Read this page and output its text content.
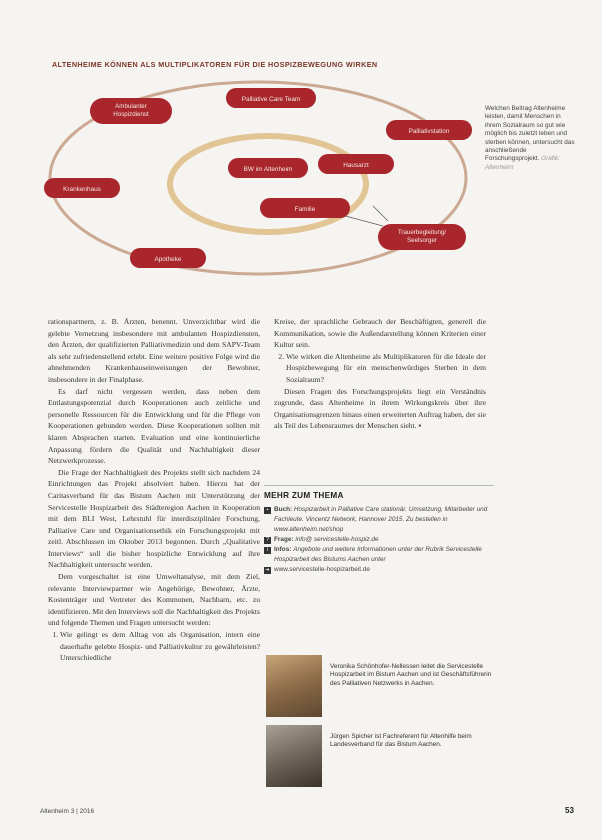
ALTENHEIME KÖNNEN ALS MULTIPLIKATOREN FÜR DIE HOSPIZBEWEGUNG WIRKEN
Ambulanter Hospizdienst
Palliative Care Team
Palliativstation
Krankenhaus
BW im Altenheim
Hausarzt
Familie
Trauerbegleitung/ Seelsorger
Apotheke
Welchen Beitrag Altenheime leisten, damit Menschen in ihrem Sozialraum so gut wie möglich bis zuletzt leben und sterben können, untersucht das anschließende Forschungsprojekt. Grafik: Altenheim

rationspartnern, z. B. Ärzten, benennt. Unverzichtbar wird die gelebte Vernetzung insbesondere mit ambulanten Hospizdiensten, den Ärzten, der qualifizierten Palliativmedizin und dem SAPV-Team als sehr zufriedenstellend erlebt. Eine weitere positive Folge wird die abnehmenden Krankenhauseinweisungen der Bewohner, insbesondere in der Finalphase.

Es darf nicht vergessen werden, dass neben dem Entlastungspotenzial durch Kooperationen auch zeitliche und personelle Ressourcen für die Entwicklung und für die Pflege von Kooperationen gebunden werden. Diese Kooperationen sollten mit klaren Absprachen starten. Evaluation und eine kontinuierliche Anpassung fördern die Qualität und Nachhaltigkeit dieser Netzwerkprozesse.

Die Frage der Nachhaltigkeit des Projekts stellt sich nachdem 24 Einrichtungen das Projekt absolviert haben. Hierzu hat der Caritasverband für das Bistum Aachen mit Unterstützung der Servicestelle Hospizarbeit des Städteregion Aachen in Kooperation mit dem BLI West, Lehrstuhl für interdisziplinäre Forschung, Palliative Care und Organisationsethik ein Forschungsprojekt mit zeitl. Abschlussen im Oktober 2013 begonnen. Durch „Qualitative Interviews“ soll die bisher hospizliche Entwicklung auf ihre Nachhaltigkeit untersucht werden.

Dem vorgeschaltet ist eine Umweltanalyse, mit dem Ziel, relevante Interviewpartner wie Angehörige, Bewohner, Ärzte, Kostenträger und Vertreter des Kommunen, Nachbarn, etc. zu identifizieren. Mit den Interviews soll die Nachhaltigkeit des Projekts und folgende Themen und Fragen untersucht werden:

1. Wie gelingt es dem Alltag von als Organisation, intern eine dauerhafte gelebte Hospiz- und Palliativkultur zu gewährleisten? Unterschiedliche

Kreise, der sprachliche Gebrauch der Beschäftigten, generell die Kommunikation, sowie die Außendarstellung können Kriterien einer Kultur sein.

2. Wie wirken die Altenheime als Multiplikatoren für die Ideale der Hospizbewegung für ein menschenwürdiges Sterben in dem Sozialraum?

Diesen Fragen des Forschungsprojekts liegt ein Verständnis zugrunde, dass Altenheime in ihrem Wirkungskreis über ihre Organisationsgrenzen hinaus einen erweiterten Auftrag haben, der sie als Teil des Lebensraumes der Menschen sieht. ▪

MEHR ZUM THEMA

▪ Buch: Hospizarbeit in Palliative Care stationär. Umsetzung, Mitarbeiter und Fachleute. Vincentz Network, Hannover 2015. Zu bestellen in www.altenheim.net/shop

? Frage: info@ servicestelle-hospiz.de

i Infos: Angebote und weitere Informationen unter der Rubrik Servicestelle Hospizarbeit des Bistums Aachen unter

➔ www.servicestelle-hospizarbeit.de

Veronika Schönhofer-Nellessen leitet die Servicestelle Hospizarbeit im Bistum Aachen und ist Geschäftsführerin des Palliativen Netzwerks in Aachen.
Jürgen Spicher ist Fachreferent für Altenhilfe beim Landesverband für das Bistum Aachen.
Altenheim 3 | 2016	53
